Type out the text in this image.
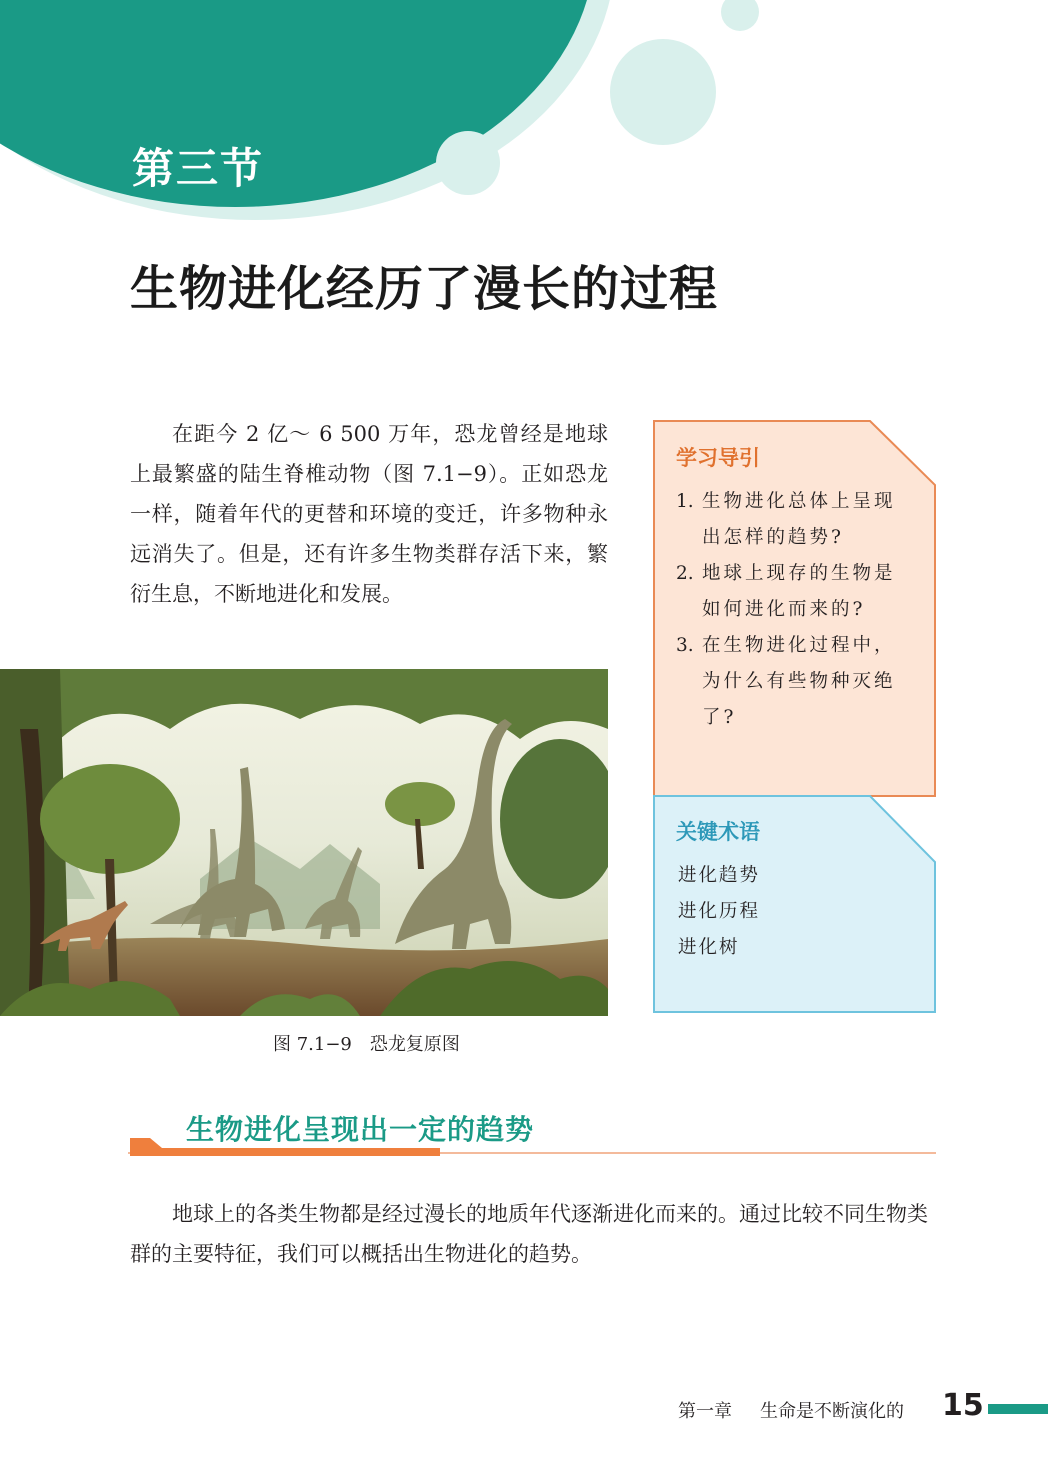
第三节
生物进化经历了漫长的过程

在距今 2 亿～ 6 500 万年，恐龙曾经是地球上最繁盛的陆生脊椎动物（图 7.1−9）。正如恐龙一样，随着年代的更替和环境的变迁，许多物种永远消失了。但是，还有许多生物类群存活下来，繁衍生息，不断地进化和发展。

图 7.1−9　恐龙复原图
学习导引
1. 生物进化总体上呈现出怎样的趋势?
2. 地球上现存的生物是如何进化而来的?
3. 在生物进化过程中，为什么有些物种灭绝了?
关键术语
进化趋势
进化历程
进化树
生物进化呈现出一定的趋势

地球上的各类生物都是经过漫长的地质年代逐渐进化而来的。通过比较不同生物类群的主要特征，我们可以概括出生物进化的趋势。

第一章 生命是不断演化的 15
